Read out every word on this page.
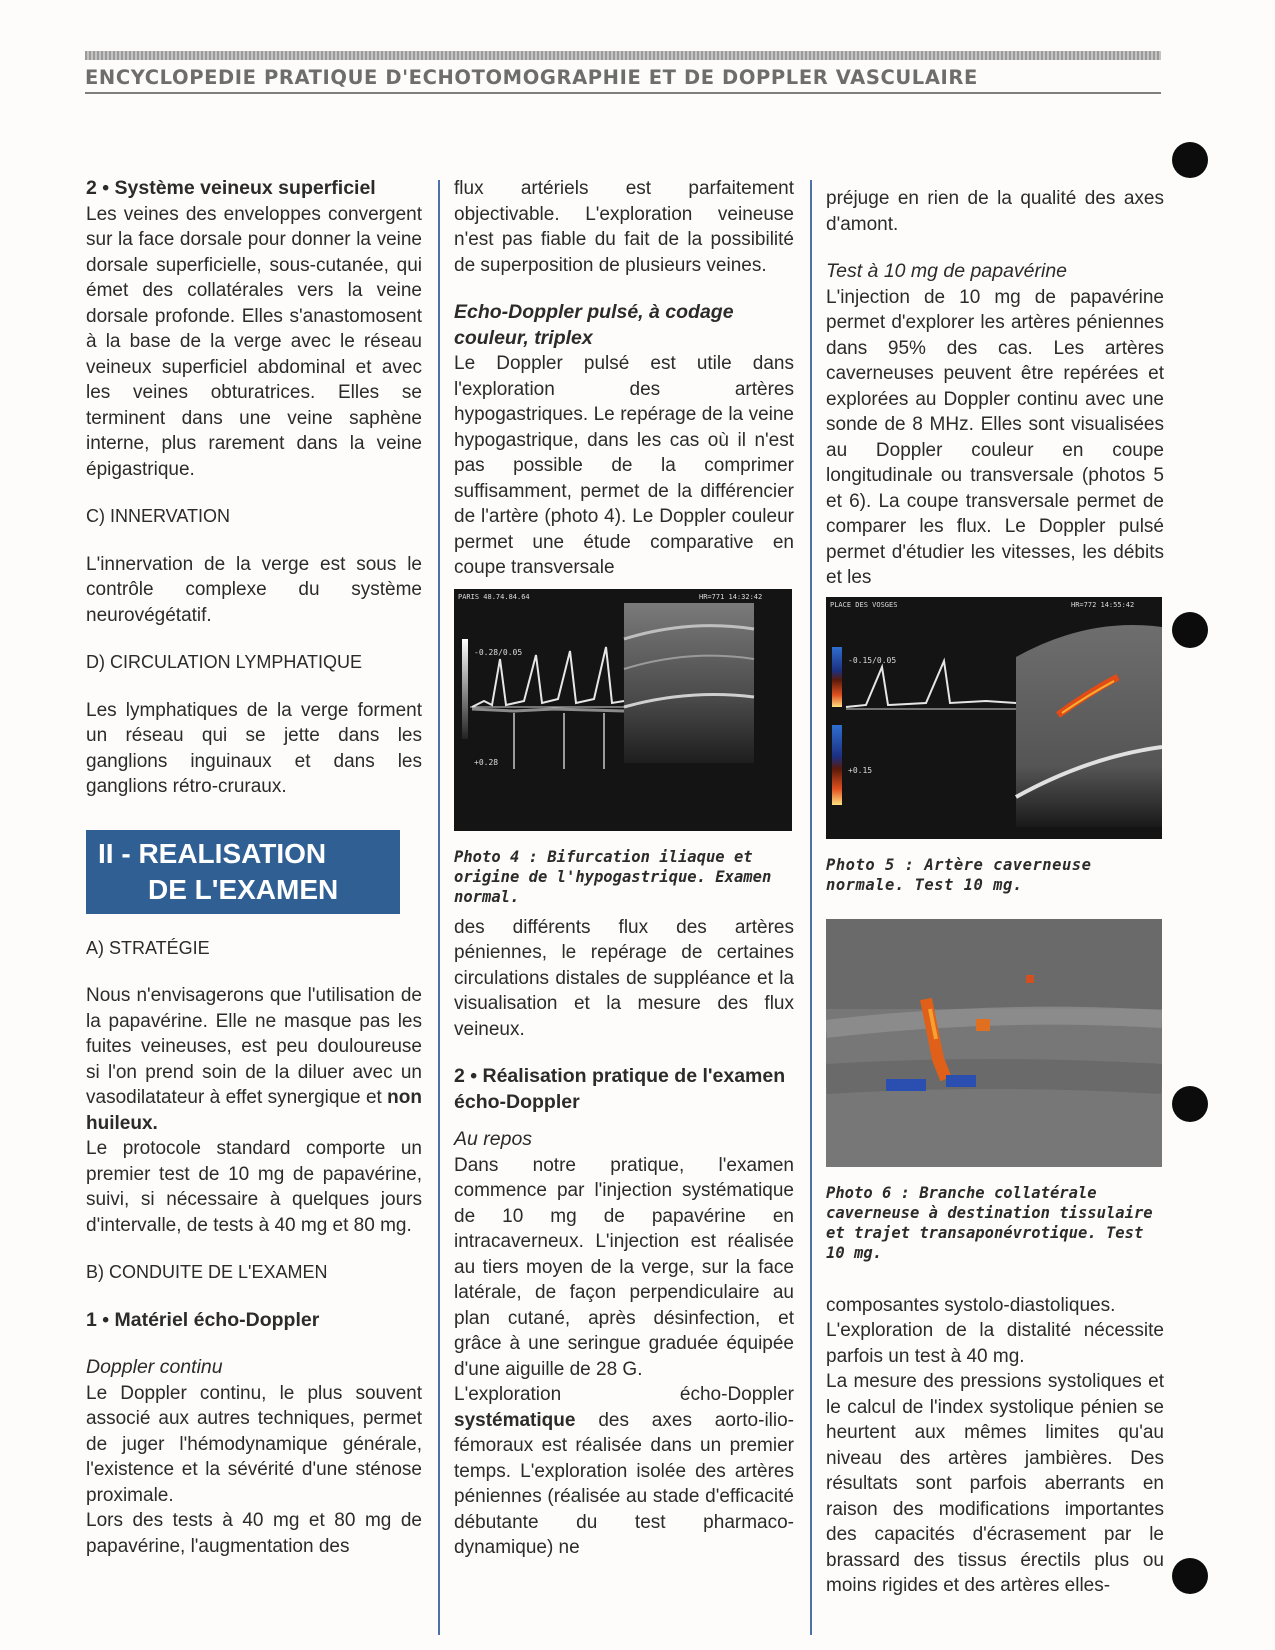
ENCYCLOPEDIE PRATIQUE D'ECHOTOMOGRAPHIE ET DE DOPPLER VASCULAIRE

2 • Système veineux superficiel

Les veines des enveloppes convergent sur la face dorsale pour donner la veine dorsale superficielle, sous-cutanée, qui émet des collatérales vers la veine dorsale profonde. Elles s'anastomosent à la base de la verge avec le réseau veineux superficiel abdominal et avec les veines obturatrices. Elles se terminent dans une veine saphène interne, plus rarement dans la veine épigastrique.

C) INNERVATION

L'innervation de la verge est sous le contrôle complexe du système neurovégétatif.

D) CIRCULATION LYMPHATIQUE

Les lymphatiques de la verge forment un réseau qui se jette dans les ganglions inguinaux et dans les ganglions rétro-cruraux.

II - REALISATION
DE L'EXAMEN

A) STRATÉGIE

Nous n'envisagerons que l'utilisation de la papavérine. Elle ne masque pas les fuites veineuses, est peu douloureuse si l'on prend soin de la diluer avec un vasodilatateur à effet synergique et non huileux.

Le protocole standard comporte un premier test de 10 mg de papavérine, suivi, si nécessaire à quelques jours d'intervalle, de tests à 40 mg et 80 mg.

B) CONDUITE DE L'EXAMEN

1 • Matériel écho-Doppler

Doppler continu

Le Doppler continu, le plus souvent associé aux autres techniques, permet de juger l'hémodynamique générale, l'existence et la sévérité d'une sténose proximale.

Lors des tests à 40 mg et 80 mg de papavérine, l'augmentation des

flux artériels est parfaitement objectivable. L'exploration veineuse n'est pas fiable du fait de la possibilité de superposition de plusieurs veines.

Echo-Doppler pulsé, à codage couleur, triplex

Le Doppler pulsé est utile dans l'exploration des artères hypogastriques. Le repérage de la veine hypogastrique, dans les cas où il n'est pas possible de la comprimer suffisamment, permet de la différencier de l'artère (photo 4). Le Doppler couleur permet une étude comparative en coupe transversale

PARIS 48.74.84.64	HR=771 14:32:42
-0.28/0.05
+0.28

Photo 4 : Bifurcation iliaque et origine de l'hypogastrique. Examen normal.

des différents flux des artères péniennes, le repérage de certaines circulations distales de suppléance et la visualisation et la mesure des flux veineux.

2 • Réalisation pratique de l'examen écho-Doppler

Au repos

Dans notre pratique, l'examen commence par l'injection systématique de 10 mg de papavérine en intracaverneux. L'injection est réalisée au tiers moyen de la verge, sur la face latérale, de façon perpendiculaire au plan cutané, après désinfection, et grâce à une seringue graduée équipée d'une aiguille de 28 G.

L'exploration écho-Doppler systématique des axes aorto-ilio-fémoraux est réalisée dans un premier temps. L'exploration isolée des artères péniennes (réalisée au stade d'efficacité débutante du test pharmaco-dynamique) ne

préjuge en rien de la qualité des axes d'amont.

Test à 10 mg de papavérine

L'injection de 10 mg de papavérine permet d'explorer les artères péniennes dans 95% des cas. Les artères caverneuses peuvent être repérées et explorées au Doppler continu avec une sonde de 8 MHz. Elles sont visualisées au Doppler couleur en coupe longitudinale ou transversale (photos 5 et 6). La coupe transversale permet de comparer les flux. Le Doppler pulsé permet d'étudier les vitesses, les débits et les

PLACE DES VOSGES	HR=772 14:55:42
-0.15/0.05
+0.15

Photo 5 : Artère caverneuse normale. Test 10 mg.

Photo 6 : Branche collatérale caverneuse à destination tissulaire et trajet transaponévrotique. Test 10 mg.

composantes systolo-diastoliques.

L'exploration de la distalité nécessite parfois un test à 40 mg.

La mesure des pressions systoliques et le calcul de l'index systolique pénien se heurtent aux mêmes limites qu'au niveau des artères jambières. Des résultats sont parfois aberrants en raison des modifications importantes des capacités d'écrasement par le brassard des tissus érectils plus ou moins rigides et des artères elles-
